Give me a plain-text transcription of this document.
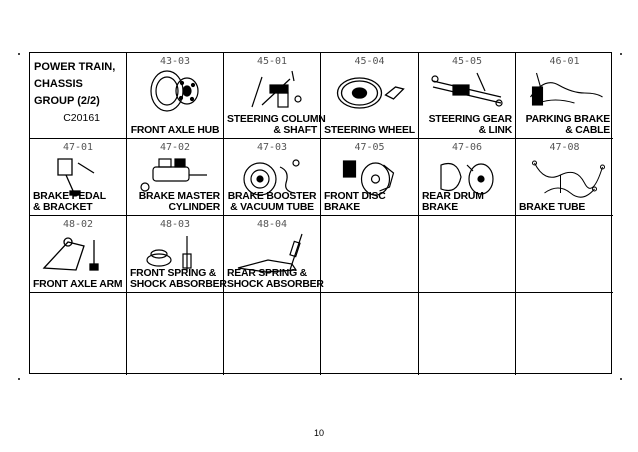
POWER TRAIN,
CHASSIS
GROUP (2/2)
C20161
43-03
FRONT AXLE HUB
45-01
STEERING COLUMN
& SHAFT
45-04
STEERING WHEEL
45-05
STEERING GEAR
& LINK
46-01
PARKING BRAKE
& CABLE
47-01
BRAKE PEDAL
& BRACKET
47-02
BRAKE MASTER
CYLINDER
47-03
BRAKE BOOSTER
& VACUUM TUBE
47-05
FRONT DISC
BRAKE
47-06
REAR DRUM
BRAKE
47-08
BRAKE TUBE
48-02
FRONT AXLE ARM
48-03
FRONT SPRING &
SHOCK ABSORBER
48-04
REAR SPRING &
SHOCK ABSORBER
10
